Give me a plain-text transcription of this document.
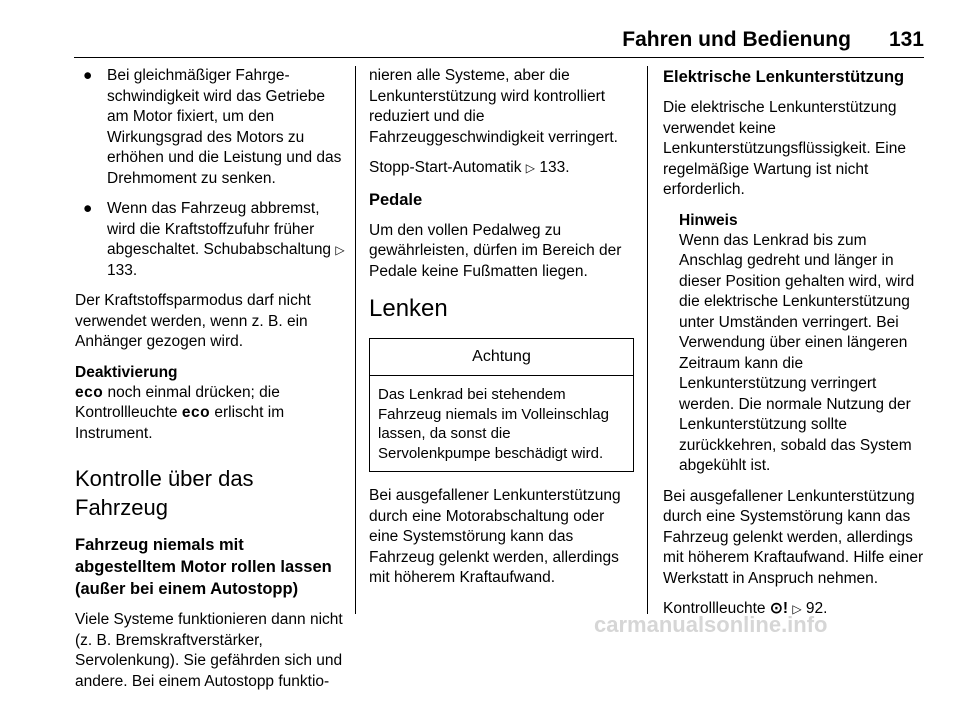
Fahren und Bedienung 131
● Bei gleichmäßiger Fahrgeschwindigkeit wird das Getriebe am Motor fixiert, um den Wirkungsgrad des Motors zu erhöhen und die Leistung und das Drehmoment zu senken.
● Wenn das Fahrzeug abbremst, wird die Kraftstoffzufuhr früher abgeschaltet. Schubabschaltung ▷ 133.

Der Kraftstoffsparmodus darf nicht verwendet werden, wenn z. B. ein Anhänger gezogen wird.

Deaktivierung

eco noch einmal drücken; die Kontrollleuchte eco erlischt im Instrument.

Kontrolle über das Fahrzeug
Fahrzeug niemals mit abgestelltem Motor rollen lassen (außer bei einem Autostopp)

Viele Systeme funktionieren dann nicht (z. B. Bremskraftverstärker, Servolenkung). Sie gefährden sich und andere. Bei einem Autostopp funktio-

nieren alle Systeme, aber die Lenkunterstützung wird kontrolliert reduziert und die Fahrzeuggeschwindigkeit verringert.

Stopp-Start-Automatik ▷ 133.

Pedale

Um den vollen Pedalweg zu gewährleisten, dürfen im Bereich der Pedale keine Fußmatten liegen.

Lenken
Achtung
Das Lenkrad bei stehendem Fahrzeug niemals im Volleinschlag lassen, da sonst die Servolenkpumpe beschädigt wird.

Bei ausgefallener Lenkunterstützung durch eine Motorabschaltung oder eine Systemstörung kann das Fahrzeug gelenkt werden, allerdings mit höherem Kraftaufwand.

Elektrische Lenkunterstützung

Die elektrische Lenkunterstützung verwendet keine Lenkunterstützungsflüssigkeit. Eine regelmäßige Wartung ist nicht erforderlich.

Hinweis
Wenn das Lenkrad bis zum Anschlag gedreht und länger in dieser Position gehalten wird, wird die elektrische Lenkunterstützung unter Umständen verringert. Bei Verwendung über einen längeren Zeitraum kann die Lenkunterstützung verringert werden. Die normale Nutzung der Lenkunterstützung sollte zurückkehren, sobald das System abgekühlt ist.

Bei ausgefallener Lenkunterstützung durch eine Systemstörung kann das Fahrzeug gelenkt werden, allerdings mit höherem Kraftaufwand. Hilfe einer Werkstatt in Anspruch nehmen.

Kontrollleuchte ⊙! ▷ 92.

carmanualsonline.info
